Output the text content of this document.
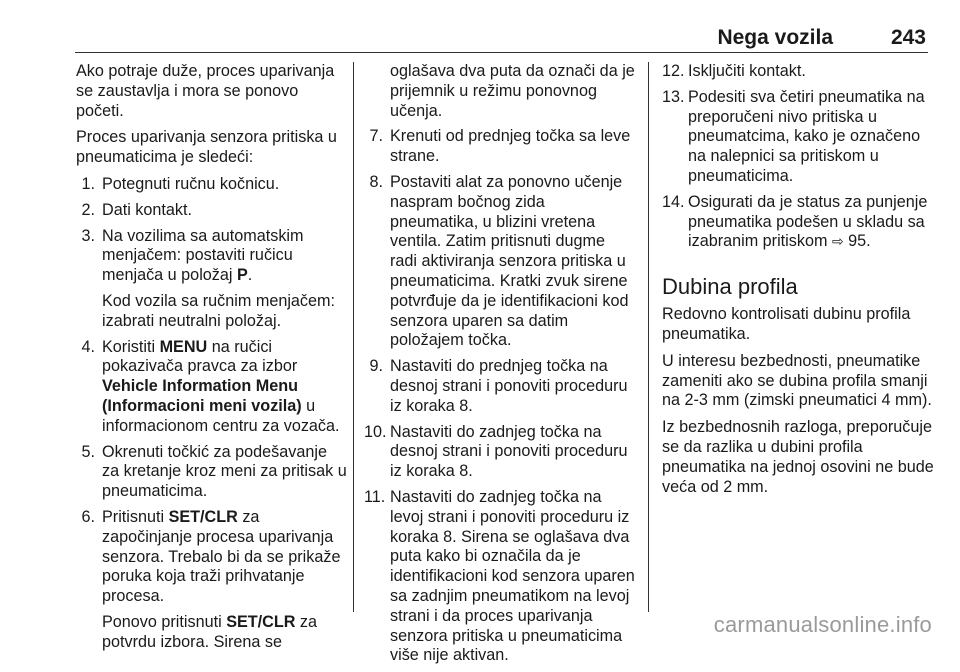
Nega vozila	243

Ako potraje duže, proces uparivanja se zaustavlja i mora se ponovo početi.

Proces uparivanja senzora pritiska u pneumaticima je sledeći:

1. Potegnuti ručnu kočnicu.
2. Dati kontakt.
3. Na vozilima sa automatskim menjačem: postaviti ručicu menjača u položaj P.
Kod vozila sa ručnim menjačem: izabrati neutralni položaj.
4. Koristiti MENU na ručici pokazivača pravca za izbor Vehicle Information Menu (Informacioni meni vozila) u informacionom centru za vozača.
5. Okrenuti točkić za podešavanje za kretanje kroz meni za pritisak u pneumaticima.
6. Pritisnuti SET/CLR za započinjanje procesa uparivanja senzora. Trebalo bi da se prikaže poruka koja traži prihvatanje procesa.
Ponovo pritisnuti SET/CLR za potvrdu izbora. Sirena se
oglašava dva puta da označi da je prijemnik u režimu ponovnog učenja.
7. Krenuti od prednjeg točka sa leve strane.
8. Postaviti alat za ponovno učenje naspram bočnog zida pneumatika, u blizini vretena ventila. Zatim pritisnuti dugme radi aktiviranja senzora pritiska u pneumaticima. Kratki zvuk sirene potvrđuje da je identifikacioni kod senzora uparen sa datim položajem točka.
9. Nastaviti do prednjeg točka na desnoj strani i ponoviti proceduru iz koraka 8.
10. Nastaviti do zadnjeg točka na desnoj strani i ponoviti proceduru iz koraka 8.
11. Nastaviti do zadnjeg točka na levoj strani i ponoviti proceduru iz koraka 8. Sirena se oglašava dva puta kako bi označila da je identifikacioni kod senzora uparen sa zadnjim pneumatikom na levoj strani i da proces uparivanja senzora pritiska u pneumaticima više nije aktivan.
12. Isključiti kontakt.
13. Podesiti sva četiri pneumatika na preporučeni nivo pritiska u pneumatcima, kako je označeno na nalepnici sa pritiskom u pneumaticima.
14. Osigurati da je status za punjenje pneumatika podešen u skladu sa izabranim pritiskom ⇨ 95.
Dubina profila

Redovno kontrolisati dubinu profila pneumatika.

U interesu bezbednosti, pneumatike zameniti ako se dubina profila smanji na 2-3 mm (zimski pneumatici 4 mm).

Iz bezbednosnih razloga, preporučuje se da razlika u dubini profila pneumatika na jednoj osovini ne bude veća od 2 mm.

carmanualsonline.info
